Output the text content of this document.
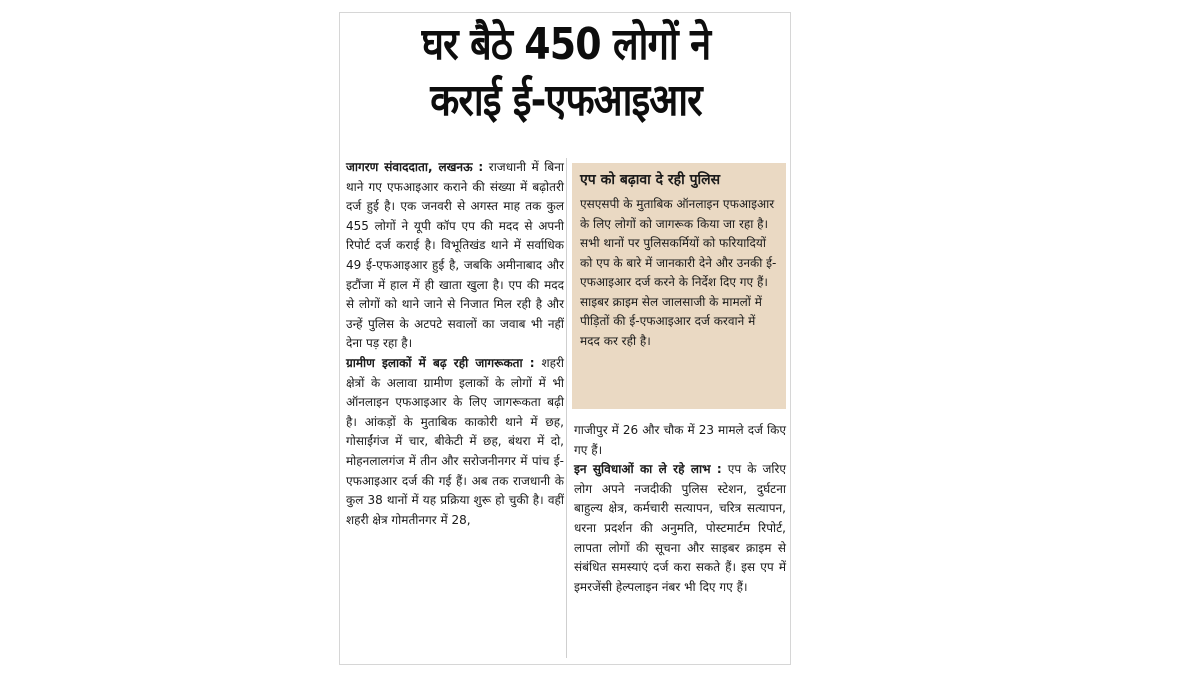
घर बैठे 450 लोगों ने
कराई ई-एफआइआर

जागरण संवाददाता, लखनऊ : राजधानी में बिना थाने गए एफआइआर कराने की संख्या में बढ़ोतरी दर्ज हुई है। एक जनवरी से अगस्त माह तक कुल 455 लोगों ने यूपी कॉप एप की मदद से अपनी रिपोर्ट दर्ज कराई है। विभूतिखंड थाने में सर्वाधिक 49 ई-एफआइआर हुई है, जबकि अमीनाबाद और इटौंजा में हाल में ही खाता खुला है। एप की मदद से लोगों को थाने जाने से निजात मिल रही है और उन्हें पुलिस के अटपटे सवालों का जवाब भी नहीं देना पड़ रहा है।

ग्रामीण इलाकों में बढ़ रही जागरूकता : शहरी क्षेत्रों के अलावा ग्रामीण इलाकों के लोगों में भी ऑनलाइन एफआइआर के लिए जागरूकता बढ़ी है। आंकड़ों के मुताबिक काकोरी थाने में छह, गोसाईंगंज में चार, बीकेटी में छह, बंथरा में दो, मोहनलालगंज में तीन और सरोजनीनगर में पांच ई-एफआइआर दर्ज की गई हैं। अब तक राजधानी के कुल 38 थानों में यह प्रक्रिया शुरू हो चुकी है। वहीं शहरी क्षेत्र गोमतीनगर में 28,

एप को बढ़ावा दे रही पुलिस

एसएसपी के मुताबिक ऑनलाइन एफआइआर के लिए लोगों को जागरूक किया जा रहा है। सभी थानों पर पुलिसकर्मियों को फरियादियों को एप के बारे में जानकारी देने और उनकी ई-एफआइआर दर्ज करने के निर्देश दिए गए हैं। साइबर क्राइम सेल जालसाजी के मामलों में पीड़ितों की ई-एफआइआर दर्ज करवाने में मदद कर रही है।

गाजीपुर में 26 और चौक में 23 मामले दर्ज किए गए हैं।

इन सुविधाओं का ले रहे लाभ : एप के जरिए लोग अपने नजदीकी पुलिस स्टेशन, दुर्घटना बाहुल्य क्षेत्र, कर्मचारी सत्यापन, चरित्र सत्यापन, धरना प्रदर्शन की अनुमति, पोस्टमार्टम रिपोर्ट, लापता लोगों की सूचना और साइबर क्राइम से संबंधित समस्याएं दर्ज करा सकते हैं। इस एप में इमरजेंसी हेल्पलाइन नंबर भी दिए गए हैं।
